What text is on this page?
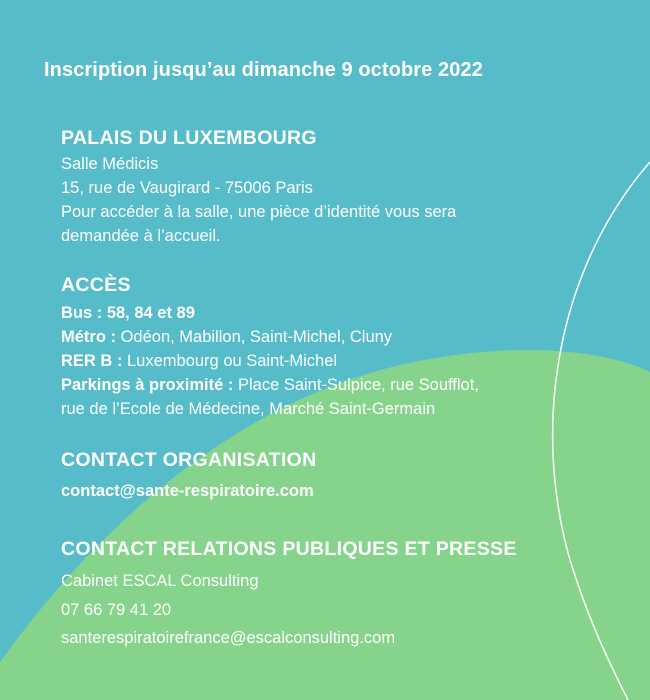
Inscription jusqu’au dimanche 9 octobre 2022

PALAIS DU LUXEMBOURG
Salle Médicis
15, rue de Vaugirard - 75006 Paris
Pour accéder à la salle, une pièce d’identité vous sera
demandée à l’accueil.
ACCÈS
Bus : 58, 84 et 89
Métro : Odéon, Mabillon, Saint-Michel, Cluny
RER B : Luxembourg ou Saint-Michel
Parkings à proximité : Place Saint-Sulpice, rue Soufflot,
rue de l’Ecole de Médecine, Marché Saint-Germain
CONTACT ORGANISATION
contact@sante-respiratoire.com
CONTACT RELATIONS PUBLIQUES ET PRESSE
Cabinet ESCAL Consulting
07 66 79 41 20
santerespiratoirefrance@escalconsulting.com
